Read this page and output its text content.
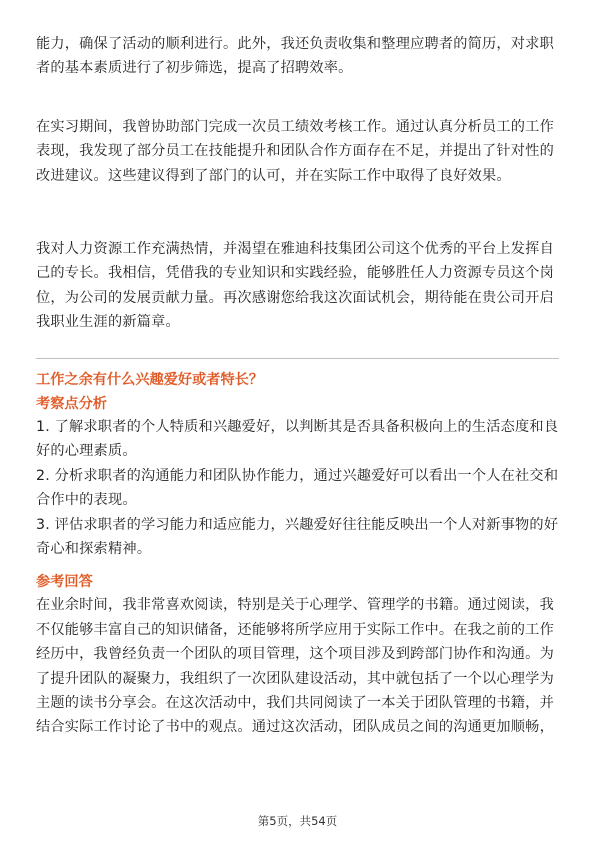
能力，确保了活动的顺利进行。此外，我还负责收集和整理应聘者的简历，对求职者的基本素质进行了初步筛选，提高了招聘效率。

在实习期间，我曾协助部门完成一次员工绩效考核工作。通过认真分析员工的工作表现，我发现了部分员工在技能提升和团队合作方面存在不足，并提出了针对性的改进建议。这些建议得到了部门的认可，并在实际工作中取得了良好效果。

我对人力资源工作充满热情，并渴望在雅迪科技集团公司这个优秀的平台上发挥自己的专长。我相信，凭借我的专业知识和实践经验，能够胜任人力资源专员这个岗位，为公司的发展贡献力量。再次感谢您给我这次面试机会，期待能在贵公司开启我职业生涯的新篇章。

工作之余有什么兴趣爱好或者特长？

考察点分析

1. 了解求职者的个人特质和兴趣爱好，以判断其是否具备积极向上的生活态度和良好的心理素质。

2. 分析求职者的沟通能力和团队协作能力，通过兴趣爱好可以看出一个人在社交和合作中的表现。

3. 评估求职者的学习能力和适应能力，兴趣爱好往往能反映出一个人对新事物的好奇心和探索精神。

参考回答

在业余时间，我非常喜欢阅读，特别是关于心理学、管理学的书籍。通过阅读，我不仅能够丰富自己的知识储备，还能够将所学应用于实际工作中。在我之前的工作经历中，我曾经负责一个团队的项目管理，这个项目涉及到跨部门协作和沟通。为了提升团队的凝聚力，我组织了一次团队建设活动，其中就包括了一个以心理学为主题的读书分享会。在这次活动中，我们共同阅读了一本关于团队管理的书籍，并结合实际工作讨论了书中的观点。通过这次活动，团队成员之间的沟通更加顺畅，

第5页，共54页
